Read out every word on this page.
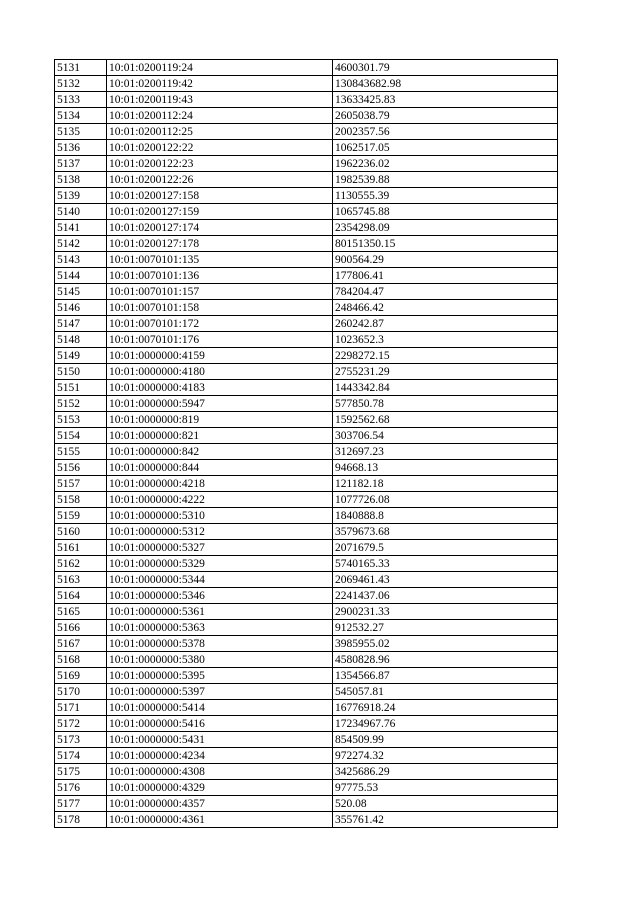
5131	10:01:0200119:24	4600301.79
5132	10:01:0200119:42	130843682.98
5133	10:01:0200119:43	13633425.83
5134	10:01:0200112:24	2605038.79
5135	10:01:0200112:25	2002357.56
5136	10:01:0200122:22	1062517.05
5137	10:01:0200122:23	1962236.02
5138	10:01:0200122:26	1982539.88
5139	10:01:0200127:158	1130555.39
5140	10:01:0200127:159	1065745.88
5141	10:01:0200127:174	2354298.09
5142	10:01:0200127:178	80151350.15
5143	10:01:0070101:135	900564.29
5144	10:01:0070101:136	177806.41
5145	10:01:0070101:157	784204.47
5146	10:01:0070101:158	248466.42
5147	10:01:0070101:172	260242.87
5148	10:01:0070101:176	1023652.3
5149	10:01:0000000:4159	2298272.15
5150	10:01:0000000:4180	2755231.29
5151	10:01:0000000:4183	1443342.84
5152	10:01:0000000:5947	577850.78
5153	10:01:0000000:819	1592562.68
5154	10:01:0000000:821	303706.54
5155	10:01:0000000:842	312697.23
5156	10:01:0000000:844	94668.13
5157	10:01:0000000:4218	121182.18
5158	10:01:0000000:4222	1077726.08
5159	10:01:0000000:5310	1840888.8
5160	10:01:0000000:5312	3579673.68
5161	10:01:0000000:5327	2071679.5
5162	10:01:0000000:5329	5740165.33
5163	10:01:0000000:5344	2069461.43
5164	10:01:0000000:5346	2241437.06
5165	10:01:0000000:5361	2900231.33
5166	10:01:0000000:5363	912532.27
5167	10:01:0000000:5378	3985955.02
5168	10:01:0000000:5380	4580828.96
5169	10:01:0000000:5395	1354566.87
5170	10:01:0000000:5397	545057.81
5171	10:01:0000000:5414	16776918.24
5172	10:01:0000000:5416	17234967.76
5173	10:01:0000000:5431	854509.99
5174	10:01:0000000:4234	972274.32
5175	10:01:0000000:4308	3425686.29
5176	10:01:0000000:4329	97775.53
5177	10:01:0000000:4357	520.08
5178	10:01:0000000:4361	355761.42
